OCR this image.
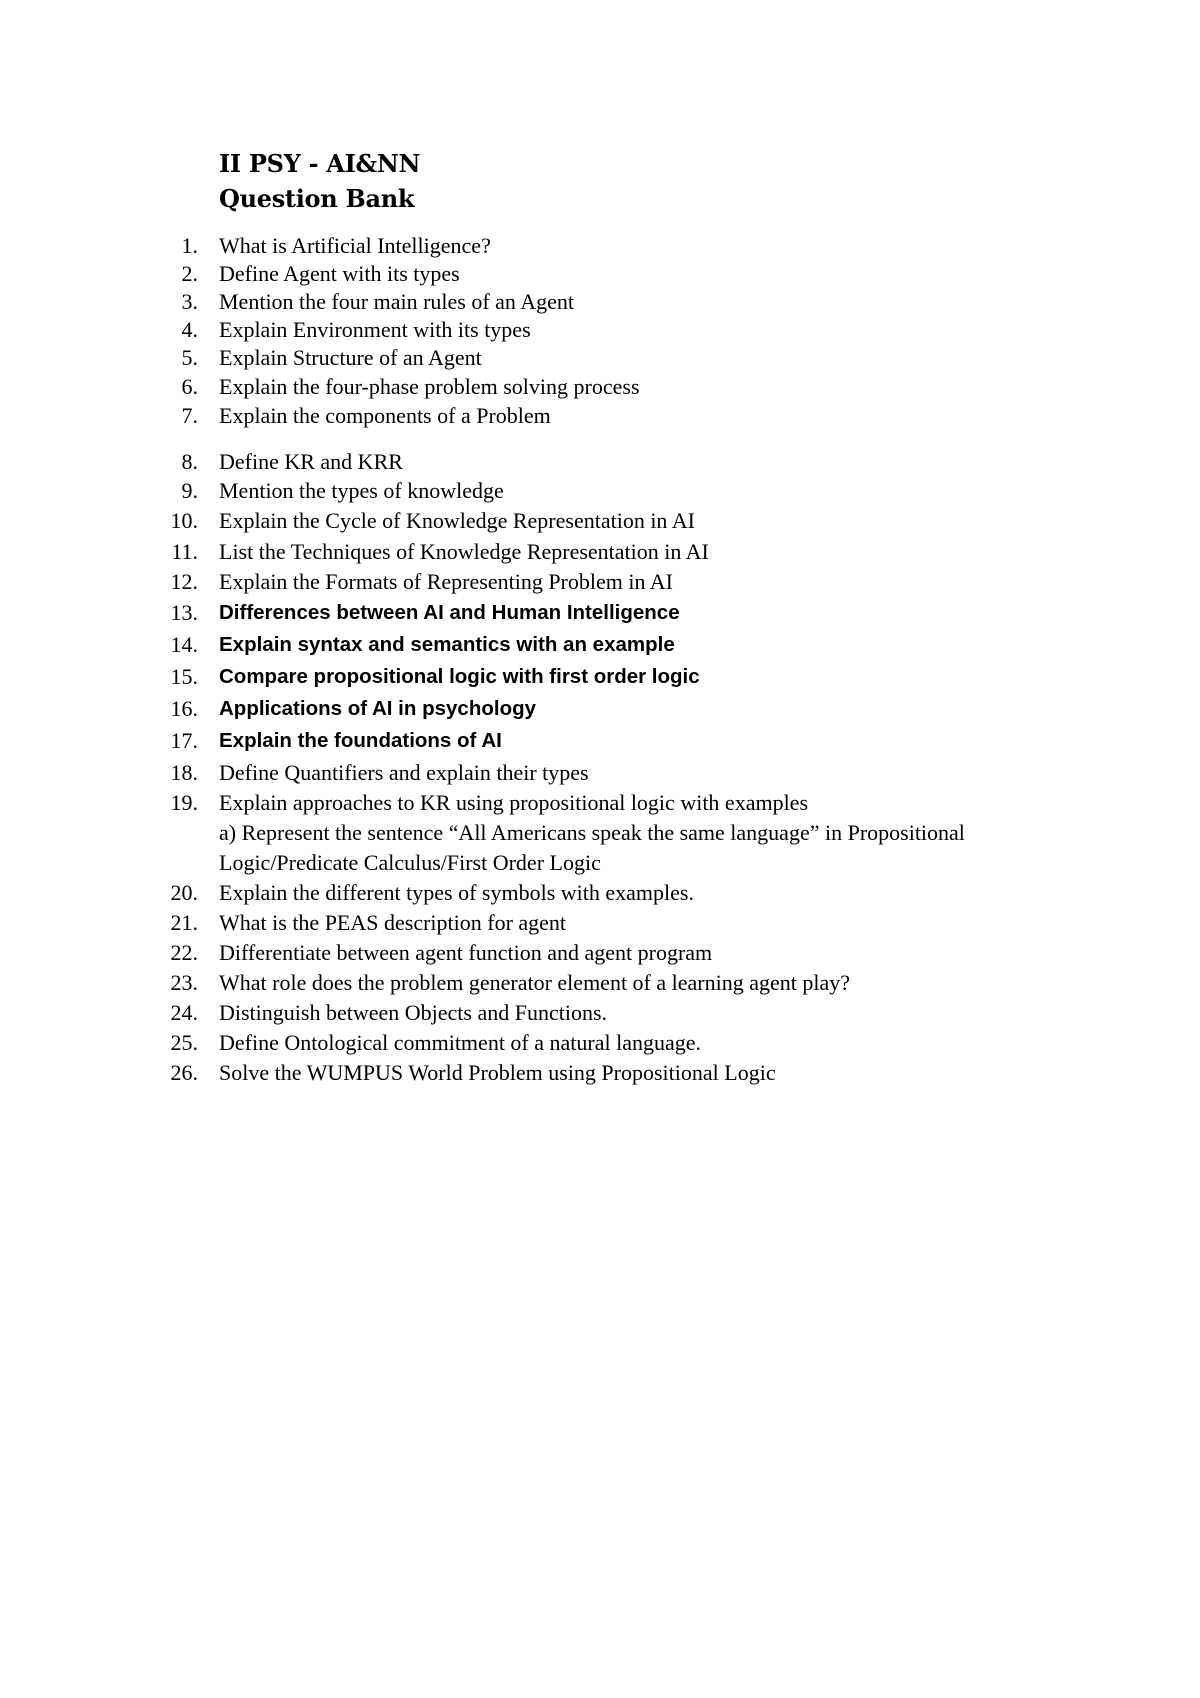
II PSY - AI&NN
Question Bank
1. What is Artificial Intelligence?
2. Define Agent with its types
3. Mention the four main rules of an Agent
4. Explain Environment with its types
5. Explain Structure of an Agent
6. Explain the four-phase problem solving process
7. Explain the components of a Problem
8. Define KR and KRR
9. Mention the types of knowledge
10. Explain the Cycle of Knowledge Representation in AI
11. List the Techniques of Knowledge Representation in AI
12. Explain the Formats of Representing Problem in AI
13. Differences between AI and Human Intelligence
14. Explain syntax and semantics with an example
15. Compare propositional logic with first order logic
16. Applications of AI in psychology
17. Explain the foundations of AI
18. Define Quantifiers and explain their types
19. Explain approaches to KR using propositional logic with examples
a) Represent the sentence “All Americans speak the same language” in Propositional
Logic/Predicate Calculus/First Order Logic
20. Explain the different types of symbols with examples.
21. What is the PEAS description for agent
22. Differentiate between agent function and agent program
23. What role does the problem generator element of a learning agent play?
24. Distinguish between Objects and Functions.
25. Define Ontological commitment of a natural language.
26. Solve the WUMPUS World Problem using Propositional Logic
